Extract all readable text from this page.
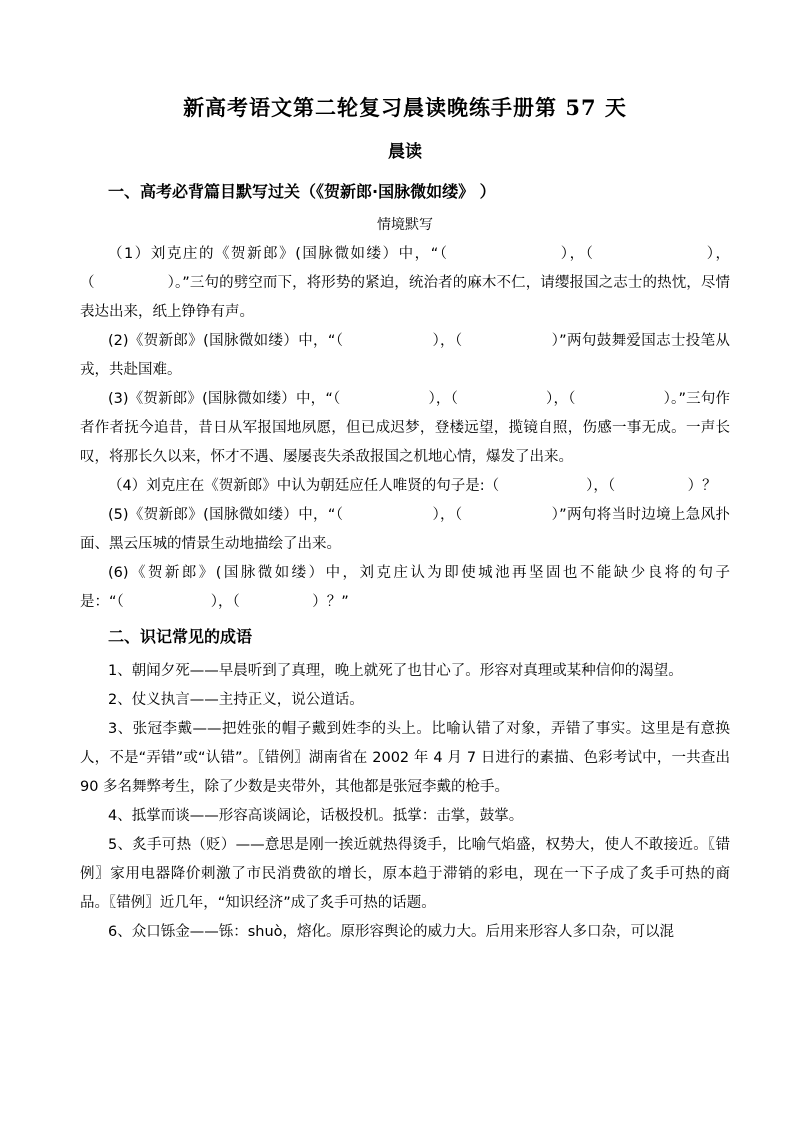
新高考语文第二轮复习晨读晚练手册第 57 天
晨读
一、高考必背篇目默写过关（《贺新郎·国脉微如缕》 ）
情境默写

（1）刘克庄的《贺新郎》(国脉微如缕）中，“（　　　　　　　），（　　　　　　　），（　　　　　）。”三句的劈空而下，将形势的紧迫，统治者的麻木不仁，请缨报国之志士的热忱，尽情表达出来，纸上铮铮有声。

(2)《贺新郎》(国脉微如缕）中，“（　　　　　　），（　　　　　　）”两句鼓舞爱国志士投笔从戎，共赴国难。

(3)《贺新郎》(国脉微如缕）中，“（　　　　　　），（　　　　　　），（　　　　　　）。”三句作者作者抚今追昔，昔日从军报国地夙愿，但已成迟梦，登楼远望，揽镜自照，伤感一事无成。一声长叹，将那长久以来，怀才不遇、屡屡丧失杀敌报国之机地心情，爆发了出来。

（4）刘克庄在《贺新郎》中认为朝廷应任人唯贤的句子是:（　　　　　　），（　　　　　）？

(5)《贺新郎》(国脉微如缕）中，“（　　　　　　），（　　　　　　）”两句将当时边境上急风扑面、黑云压城的情景生动地描绘了出来。

(6)《贺新郎》(国脉微如缕）中，刘克庄认为即使城池再坚固也不能缺少良将的句子是：“（　　　　　　），（　　　　　）？”

二、识记常见的成语

1、朝闻夕死——早晨听到了真理，晚上就死了也甘心了。形容对真理或某种信仰的渴望。

2、仗义执言——主持正义，说公道话。

3、张冠李戴——把姓张的帽子戴到姓李的头上。比喻认错了对象，弄错了事实。这里是有意换人，不是“弄错”或“认错”。〖错例〗湖南省在 2002 年 4 月 7 日进行的素描、色彩考试中，一共查出 90 多名舞弊考生，除了少数是夹带外，其他都是张冠李戴的枪手。

4、抵掌而谈——形容高谈阔论，话极投机。抵掌：击掌，鼓掌。

5、炙手可热（贬）——意思是刚一挨近就热得烫手，比喻气焰盛，权势大，使人不敢接近。〖错例〗家用电器降价刺激了市民消费欲的增长，原本趋于滞销的彩电，现在一下子成了炙手可热的商品。〖错例〗近几年，“知识经济”成了炙手可热的话题。

6、众口铄金——铄：shuò，熔化。原形容舆论的威力大。后用来形容人多口杂，可以混
